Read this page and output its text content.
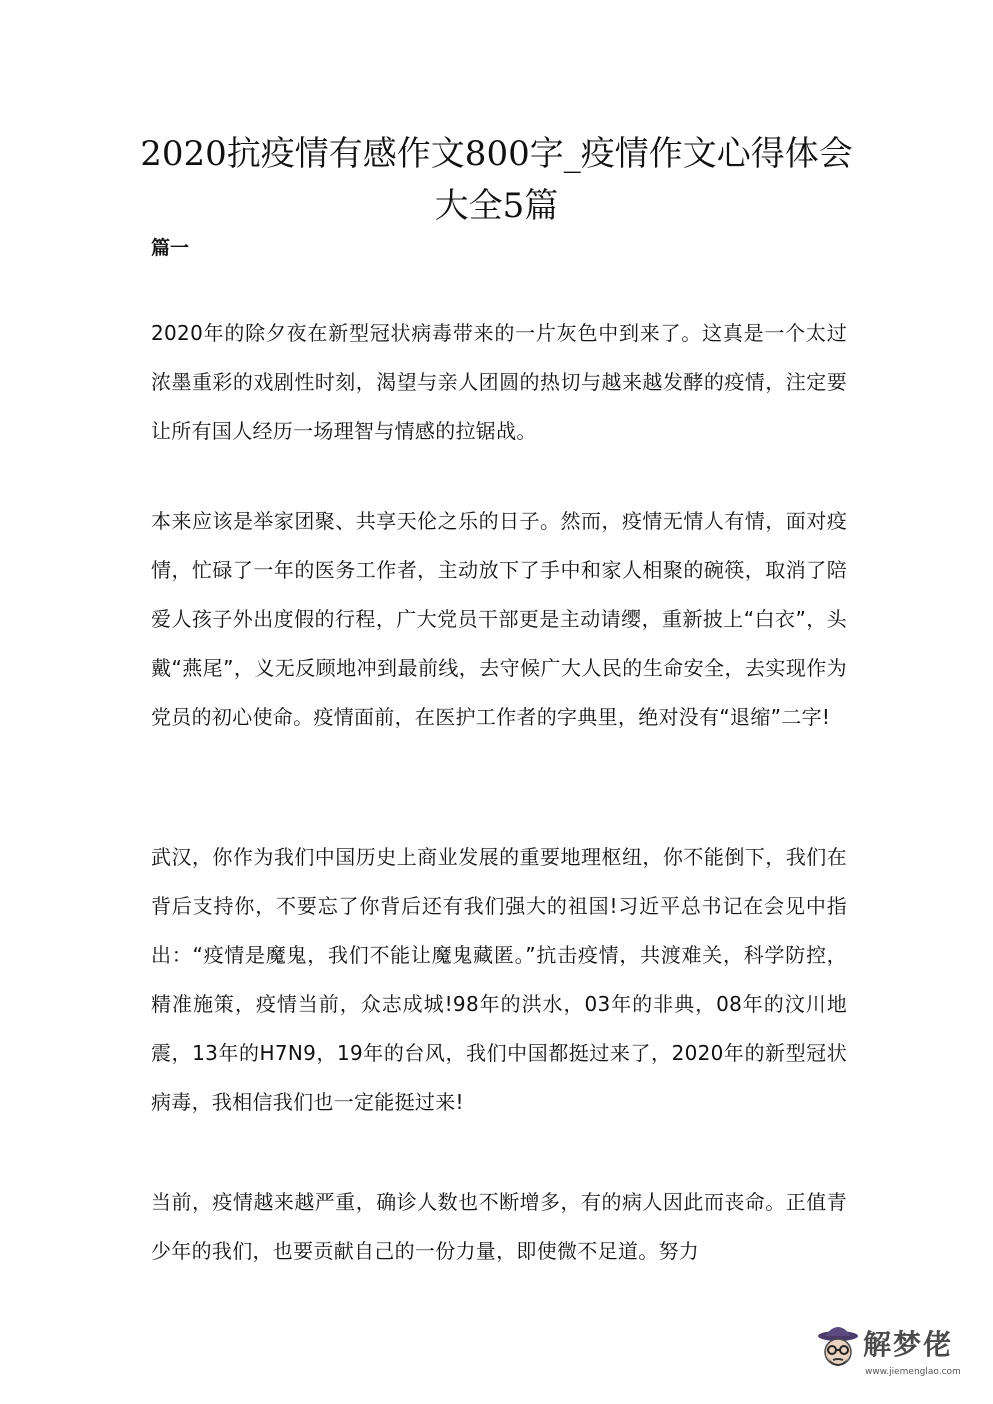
2020抗疫情有感作文800字_疫情作文心得体会大全5篇
篇一

2020年的除夕夜在新型冠状病毒带来的一片灰色中到来了。这真是一个太过浓墨重彩的戏剧性时刻，渴望与亲人团圆的热切与越来越发酵的疫情，注定要让所有国人经历一场理智与情感的拉锯战。

本来应该是举家团聚、共享天伦之乐的日子。然而，疫情无情人有情，面对疫情，忙碌了一年的医务工作者，主动放下了手中和家人相聚的碗筷，取消了陪爱人孩子外出度假的行程，广大党员干部更是主动请缨，重新披上“白衣”，头戴“燕尾”，义无反顾地冲到最前线，去守候广大人民的生命安全，去实现作为党员的初心使命。疫情面前，在医护工作者的字典里，绝对没有“退缩”二字!

武汉，你作为我们中国历史上商业发展的重要地理枢纽，你不能倒下，我们在背后支持你，不要忘了你背后还有我们强大的祖国!习近平总书记在会见中指出：“疫情是魔鬼，我们不能让魔鬼藏匿。”抗击疫情，共渡难关，科学防控，精准施策，疫情当前，众志成城!98年的洪水，03年的非典，08年的汶川地震，13年的H7N9，19年的台风，我们中国都挺过来了，2020年的新型冠状病毒，我相信我们也一定能挺过来!

当前，疫情越来越严重，确诊人数也不断增多，有的病人因此而丧命。正值青少年的我们，也要贡献自己的一份力量，即使微不足道。努力

解梦佬
www.jiemenglao.com
